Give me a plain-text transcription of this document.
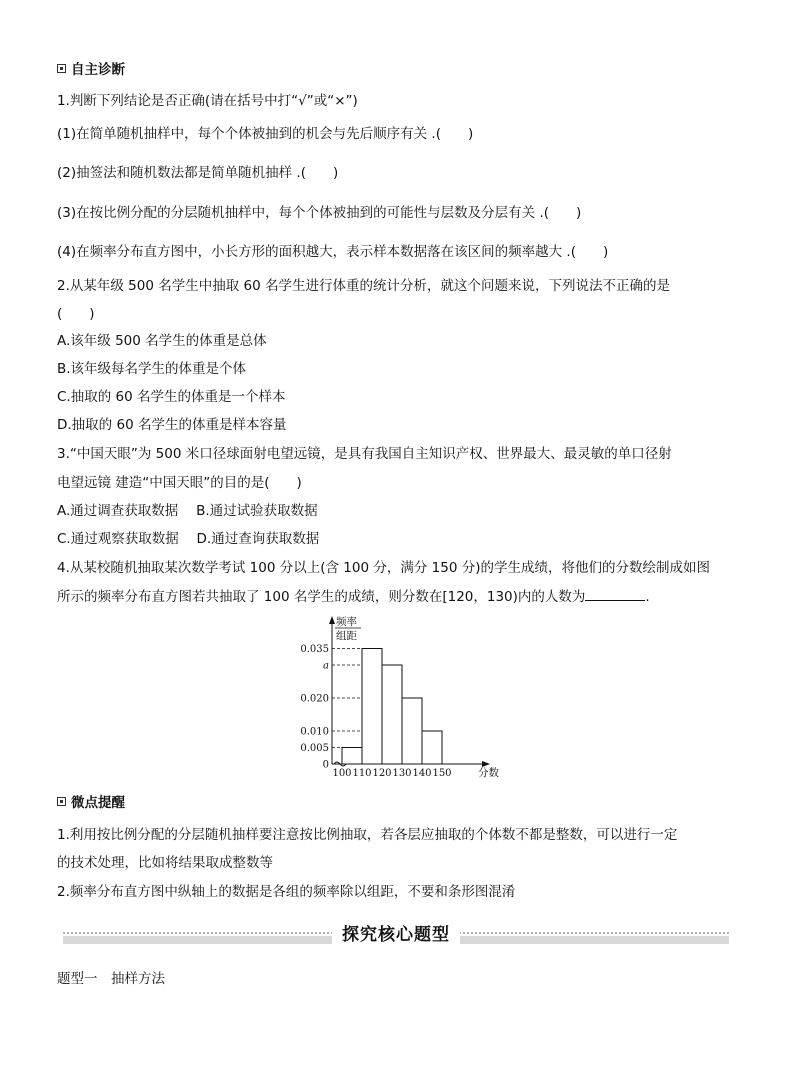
自主诊断
1.判断下列结论是否正确(请在括号中打“√”或“×”)
(1)在简单随机抽样中，每个个体被抽到的机会与先后顺序有关 .(　　)
(2)抽签法和随机数法都是简单随机抽样 .(　　)
(3)在按比例分配的分层随机抽样中，每个个体被抽到的可能性与层数及分层有关 .(　　)
(4)在频率分布直方图中，小长方形的面积越大，表示样本数据落在该区间的频率越大 .(　　)
2.从某年级 500 名学生中抽取 60 名学生进行体重的统计分析，就这个问题来说，下列说法不正确的是
(　　)
A.该年级 500 名学生的体重是总体
B.该年级每名学生的体重是个体
C.抽取的 60 名学生的体重是一个样本
D.抽取的 60 名学生的体重是样本容量
3.“中国天眼”为 500 米口径球面射电望远镜，是具有我国自主知识产权、世界最大、最灵敏的单口径射
电望远镜 建造“中国天眼”的目的是(　　)
A.通过调查获取数据　 B.通过试验获取数据
C.通过观察获取数据　 D.通过查询获取数据
4.从某校随机抽取某次数学考试 100 分以上(含 100 分，满分 150 分)的学生成绩，将他们的分数绘制成如图
所示的频率分布直方图若共抽取了 100 名学生的成绩，则分数在[120，130)内的人数为	.
0
0.005
0.010
0.020
a
0.035
100 110 120 130 140 150	分数
频率
组距
微点提醒
1.利用按比例分配的分层随机抽样要注意按比例抽取，若各层应抽取的个体数不都是整数，可以进行一定
的技术处理，比如将结果取成整数等
2.频率分布直方图中纵轴上的数据是各组的频率除以组距，不要和条形图混淆
探究核心题型
题型一　抽样方法
